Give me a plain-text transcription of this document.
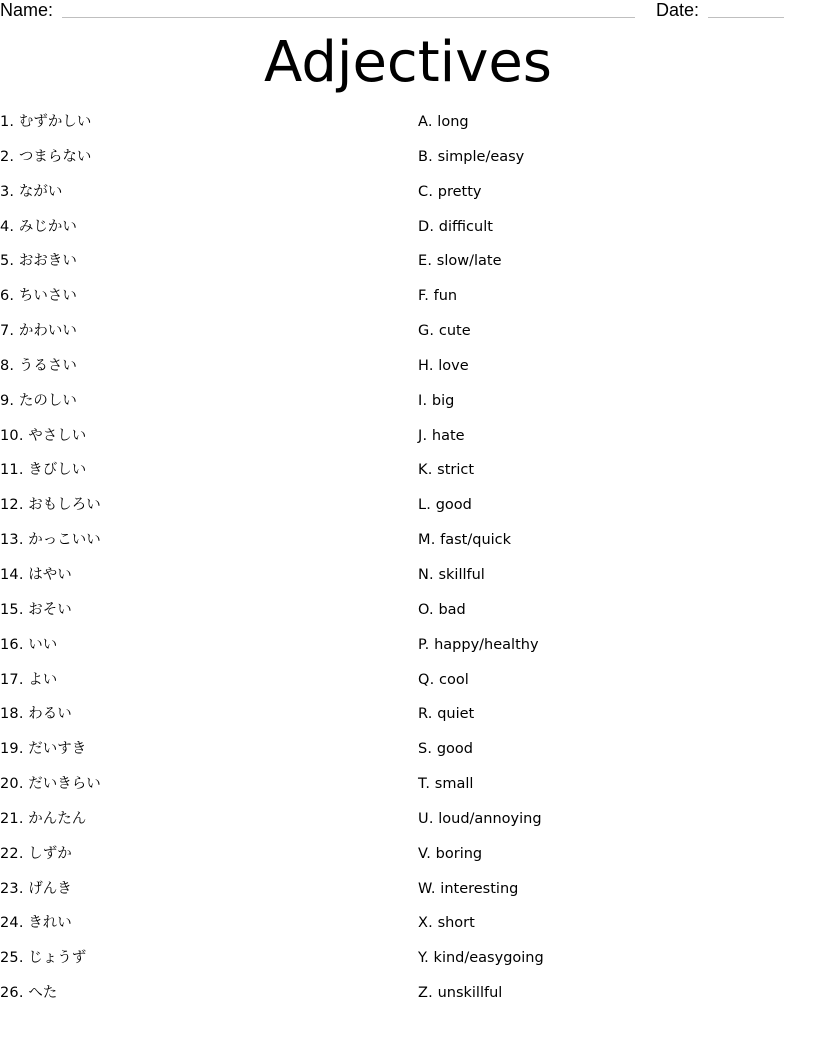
Name:	Date:
Adjectives
1. むずかしい
2. つまらない
3. ながい
4. みじかい
5. おおきい
6. ちいさい
7. かわいい
8. うるさい
9. たのしい
10. やさしい
11. きびしい
12. おもしろい
13. かっこいい
14. はやい
15. おそい
16. いい
17. よい
18. わるい
19. だいすき
20. だいきらい
21. かんたん
22. しずか
23. げんき
24. きれい
25. じょうず
26. へた
A. long
B. simple/easy
C. pretty
D. difficult
E. slow/late
F. fun
G. cute
H. love
I. big
J. hate
K. strict
L. good
M. fast/quick
N. skillful
O. bad
P. happy/healthy
Q. cool
R. quiet
S. good
T. small
U. loud/annoying
V. boring
W. interesting
X. short
Y. kind/easygoing
Z. unskillful
